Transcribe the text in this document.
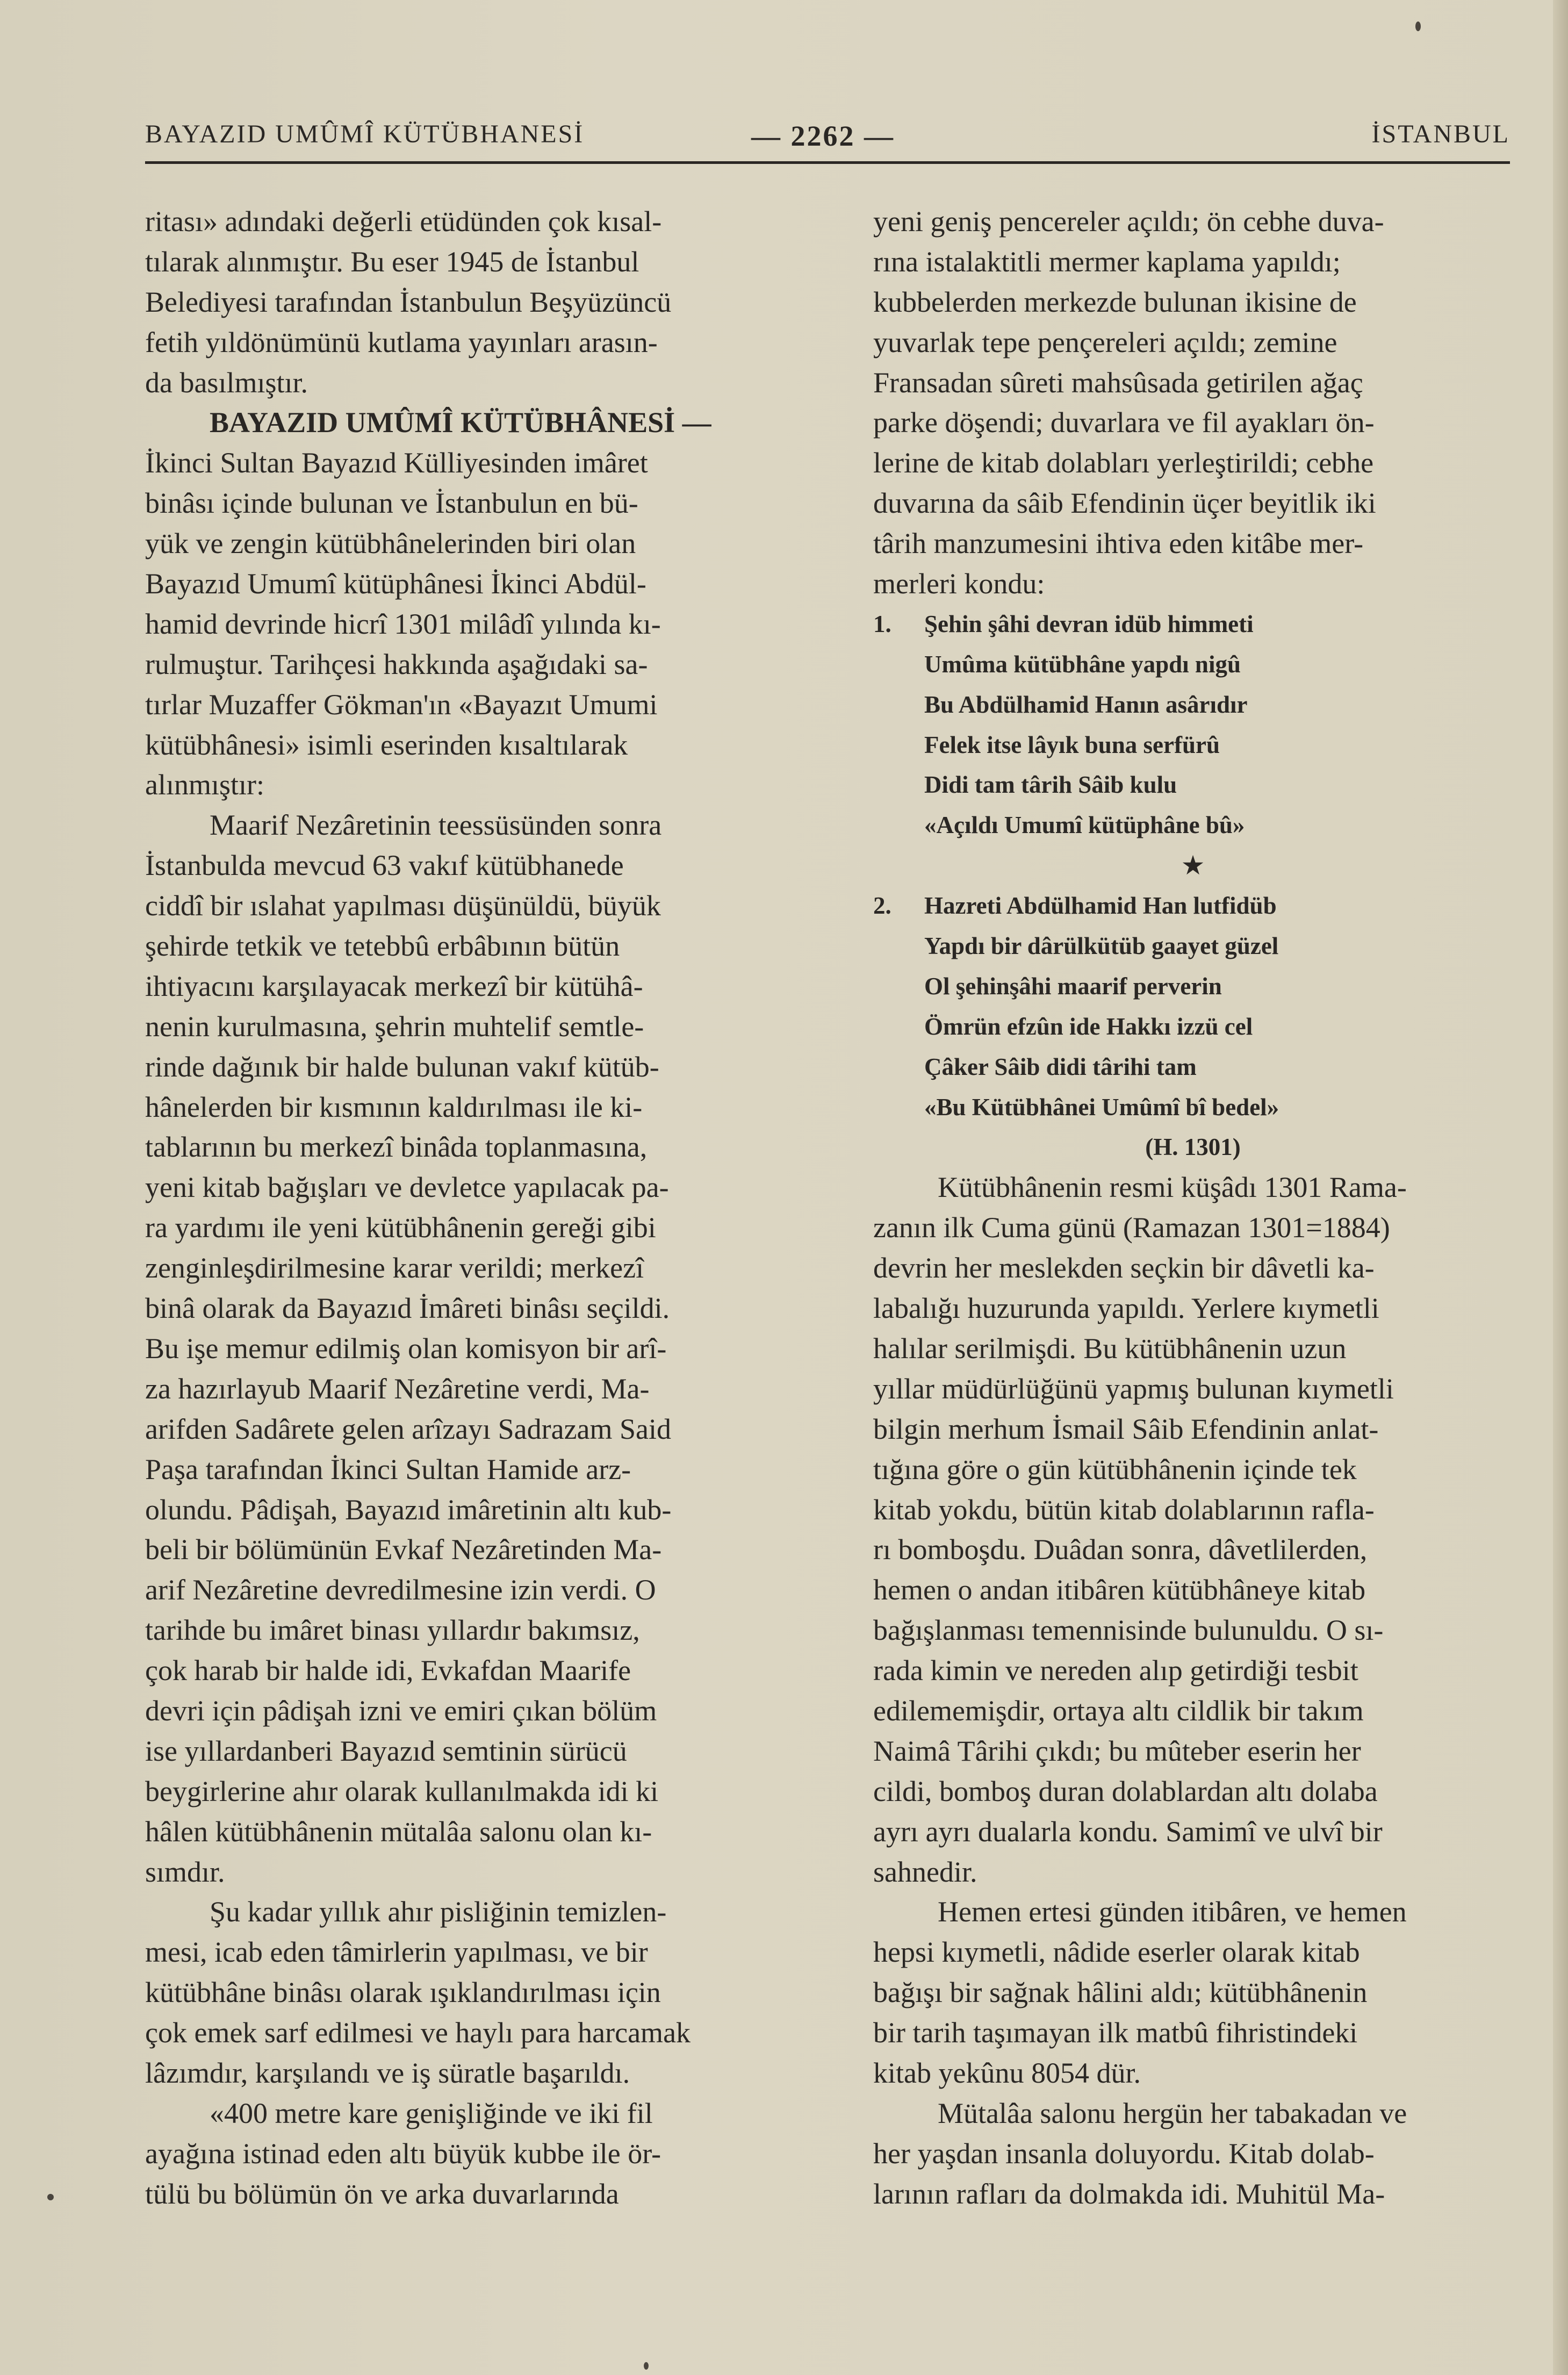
BAYAZID UMÛMÎ KÜTÜBHANESİ	— 2262 —	İSTANBUL
ritası» adındaki değerli etüdünden çok kısal-
tılarak alınmıştır. Bu eser 1945 de İstanbul
Belediyesi tarafından İstanbulun Beşyüzüncü
fetih yıldönümünü kutlama yayınları arasın-
da basılmıştır.
BAYAZID UMÛMÎ KÜTÜBHÂNESİ —
İkinci Sultan Bayazıd Külliyesinden imâret
binâsı içinde bulunan ve İstanbulun en bü-
yük ve zengin kütübhânelerinden biri olan
Bayazıd Umumî kütüphânesi İkinci Abdül-
hamid devrinde hicrî 1301 milâdî yılında kı-
rulmuştur. Tarihçesi hakkında aşağıdaki sa-
tırlar Muzaffer Gökman'ın «Bayazıt Umumi
kütübhânesi» isimli eserinden kısaltılarak
alınmıştır:
Maarif Nezâretinin teessüsünden sonra
İstanbulda mevcud 63 vakıf kütübhanede
ciddî bir ıslahat yapılması düşünüldü, büyük
şehirde tetkik ve tetebbû erbâbının bütün
ihtiyacını karşılayacak merkezî bir kütühâ-
nenin kurulmasına, şehrin muhtelif semtle-
rinde dağınık bir halde bulunan vakıf kütüb-
hânelerden bir kısmının kaldırılması ile ki-
tablarının bu merkezî binâda toplanmasına,
yeni kitab bağışları ve devletce yapılacak pa-
ra yardımı ile yeni kütübhânenin gereği gibi
zenginleşdirilmesine karar verildi; merkezî
binâ olarak da Bayazıd İmâreti binâsı seçildi.
Bu işe memur edilmiş olan komisyon bir arî-
za hazırlayub Maarif Nezâretine verdi, Ma-
arifden Sadârete gelen arîzayı Sadrazam Said
Paşa tarafından İkinci Sultan Hamide arz-
olundu. Pâdişah, Bayazıd imâretinin altı kub-
beli bir bölümünün Evkaf Nezâretinden Ma-
arif Nezâretine devredilmesine izin verdi. O
tarihde bu imâret binası yıllardır bakımsız,
çok harab bir halde idi, Evkafdan Maarife
devri için pâdişah izni ve emiri çıkan bölüm
ise yıllardanberi Bayazıd semtinin sürücü
beygirlerine ahır olarak kullanılmakda idi ki
hâlen kütübhânenin mütalâa salonu olan kı-
sımdır.
Şu kadar yıllık ahır pisliğinin temizlen-
mesi, icab eden tâmirlerin yapılması, ve bir
kütübhâne binâsı olarak ışıklandırılması için
çok emek sarf edilmesi ve haylı para harcamak
lâzımdır, karşılandı ve iş süratle başarıldı.
«400 metre kare genişliğinde ve iki fil
ayağına istinad eden altı büyük kubbe ile ör-
tülü bu bölümün ön ve arka duvarlarında
yeni geniş pencereler açıldı; ön cebhe duva-
rına istalaktitli mermer kaplama yapıldı;
kubbelerden merkezde bulunan ikisine de
yuvarlak tepe pençereleri açıldı; zemine
Fransadan sûreti mahsûsada getirilen ağaç
parke döşendi; duvarlara ve fil ayakları ön-
lerine de kitab dolabları yerleştirildi; cebhe
duvarına da sâib Efendinin üçer beyitlik iki
târih manzumesini ihtiva eden kitâbe mer-
merleri kondu:
1. Şehin şâhi devran idüb himmeti
Umûma kütübhâne yapdı nigû
Bu Abdülhamid Hanın asârıdır
Felek itse lâyık buna serfürû
Didi tam târih Sâib kulu
«Açıldı Umumî kütüphâne bû»
★
2. Hazreti Abdülhamid Han lutfidüb
Yapdı bir dârülkütüb gaayet güzel
Ol şehinşâhi maarif perverin
Ömrün efzûn ide Hakkı izzü cel
Çâker Sâib didi târihi tam
«Bu Kütübhânei Umûmî bî bedel»
(H. 1301)
Kütübhânenin resmi küşâdı 1301 Rama-
zanın ilk Cuma günü (Ramazan 1301=1884)
devrin her meslekden seçkin bir dâvetli ka-
labalığı huzurunda yapıldı. Yerlere kıymetli
halılar serilmişdi. Bu kütübhânenin uzun
yıllar müdürlüğünü yapmış bulunan kıymetli
bilgin merhum İsmail Sâib Efendinin anlat-
tığına göre o gün kütübhânenin içinde tek
kitab yokdu, bütün kitab dolablarının rafla-
rı bomboşdu. Duâdan sonra, dâvetlilerden,
hemen o andan itibâren kütübhâneye kitab
bağışlanması temennisinde bulunuldu. O sı-
rada kimin ve nereden alıp getirdiği tesbit
edilememişdir, ortaya altı cildlik bir takım
Naimâ Târihi çıkdı; bu mûteber eserin her
cildi, bomboş duran dolablardan altı dolaba
ayrı ayrı dualarla kondu. Samimî ve ulvî bir
sahnedir.
Hemen ertesi günden itibâren, ve hemen
hepsi kıymetli, nâdide eserler olarak kitab
bağışı bir sağnak hâlini aldı; kütübhânenin
bir tarih taşımayan ilk matbû fihristindeki
kitab yekûnu 8054 dür.
Mütalâa salonu hergün her tabakadan ve
her yaşdan insanla doluyordu. Kitab dolab-
larının rafları da dolmakda idi. Muhitül Ma-
